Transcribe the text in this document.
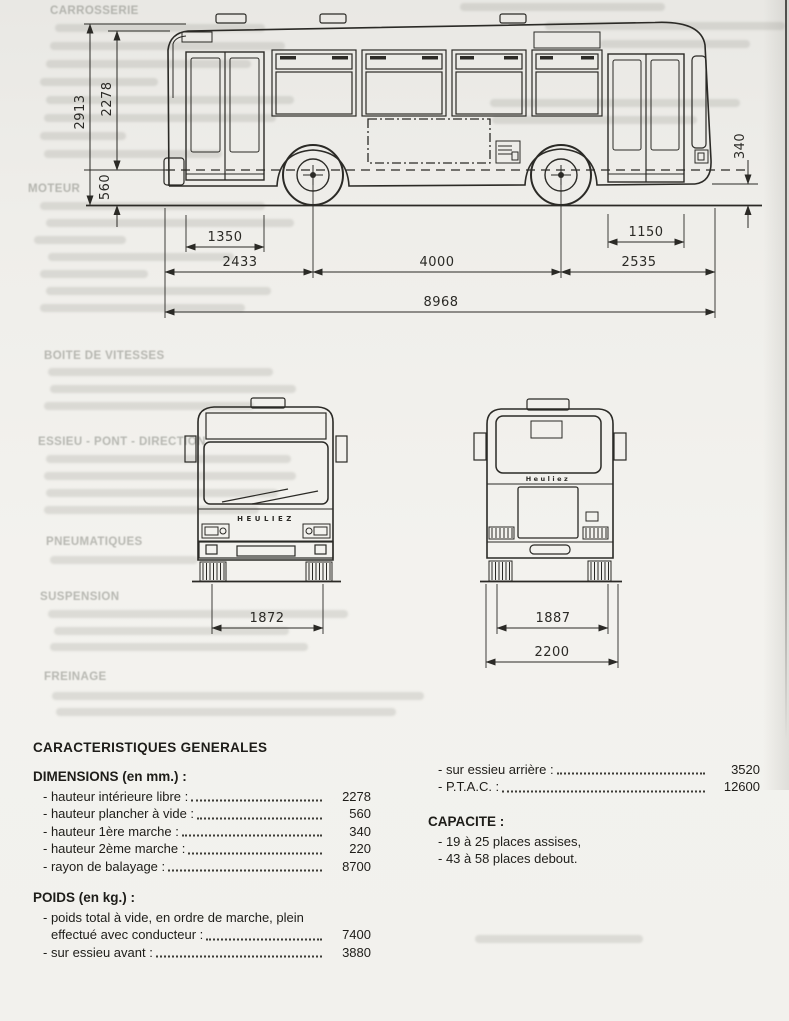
CARROSSERIE
MOTEUR
BOITE DE VITESSES
ESSIEU - PONT - DIRECTION
PNEUMATIQUES
SUSPENSION
FREINAGE
2913 2278
560
340
1350	1150
2433	4000	2535
8968
HEULIEZ
1872
Heuliez
1887
2200
CARACTERISTIQUES GENERALES
DIMENSIONS (en mm.) :
- hauteur intérieure libre :	2278
- hauteur plancher à vide :	560
- hauteur 1ère marche :	340
- hauteur 2ème marche :	220
- rayon de balayage :	8700
POIDS (en kg.) :
- poids total à vide, en ordre de marche, plein
effectué avec conducteur :	7400
- sur essieu avant :	3880
- sur essieu arrière :	3520
- P.T.A.C. :	12600
CAPACITE :
- 19 à 25 places assises,
- 43 à 58 places debout.
